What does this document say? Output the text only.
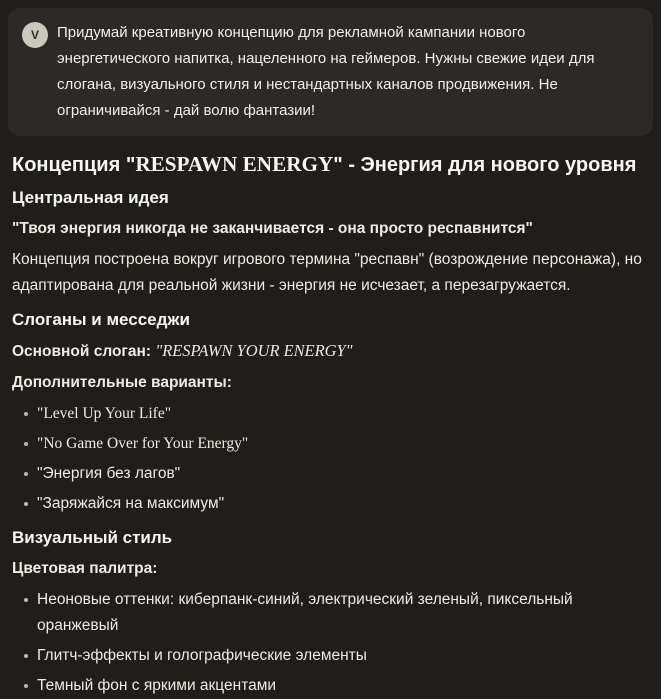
V Придумай креативную концепцию для рекламной кампании нового энергетического напитка, нацеленного на геймеров. Нужны свежие идеи для слогана, визуального стиля и нестандартных каналов продвижения. Не ограничивайся - дай волю фантазии!
Концепция "RESPAWN ENERGY" - Энергия для нового уровня
Центральная идея

"Твоя энергия никогда не заканчивается - она просто респавнится"

Концепция построена вокруг игрового термина "респавн" (возрождение персонажа), но адаптирована для реальной жизни - энергия не исчезает, а перезагружается.

Слоганы и месседжи

Основной слоган: "RESPAWN YOUR ENERGY"

Дополнительные варианты:

"Level Up Your Life"
"No Game Over for Your Energy"
"Энергия без лагов"
"Заряжайся на максимум"
Визуальный стиль

Цветовая палитра:

Неоновые оттенки: киберпанк-синий, электрический зеленый, пиксельный оранжевый
Глитч-эффекты и голографические элементы
Темный фон с яркими акцентами
